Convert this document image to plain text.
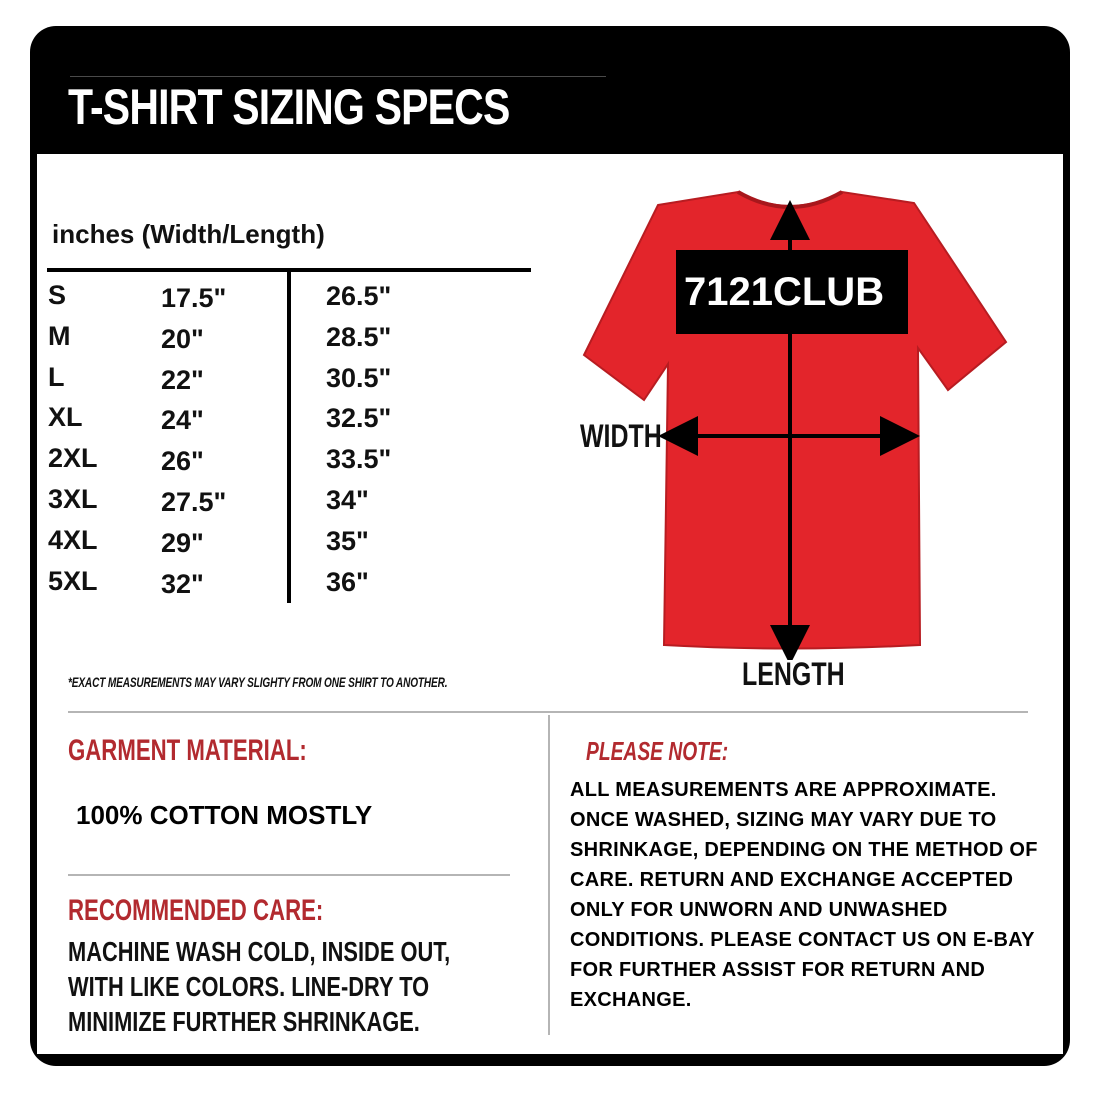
T-SHIRT SIZING SPECS
inches (Width/Length)
S	17.5"	26.5"
M	20"	28.5"
L	22"	30.5"
XL	24"	32.5"
2XL 26"	33.5"
3XL 27.5"	34"
4XL 29"	35"
5XL 32"	36"
*EXACT MEASUREMENTS MAY VARY SLIGHTY FROM ONE SHIRT TO ANOTHER.
7121CLUB
WIDTH
LENGTH
GARMENT MATERIAL:
100% COTTON MOSTLY
RECOMMENDED CARE:
MACHINE WASH COLD, INSIDE OUT, WITH LIKE COLORS. LINE-DRY TO MINIMIZE FURTHER SHRINKAGE.
PLEASE NOTE:
ALL MEASUREMENTS ARE APPROXIMATE. ONCE WASHED, SIZING MAY VARY DUE TO SHRINKAGE, DEPENDING ON THE METHOD OF CARE. RETURN AND EXCHANGE ACCEPTED ONLY FOR UNWORN AND UNWASHED CONDITIONS. PLEASE CONTACT US ON E-BAY FOR FURTHER ASSIST FOR RETURN AND EXCHANGE.
